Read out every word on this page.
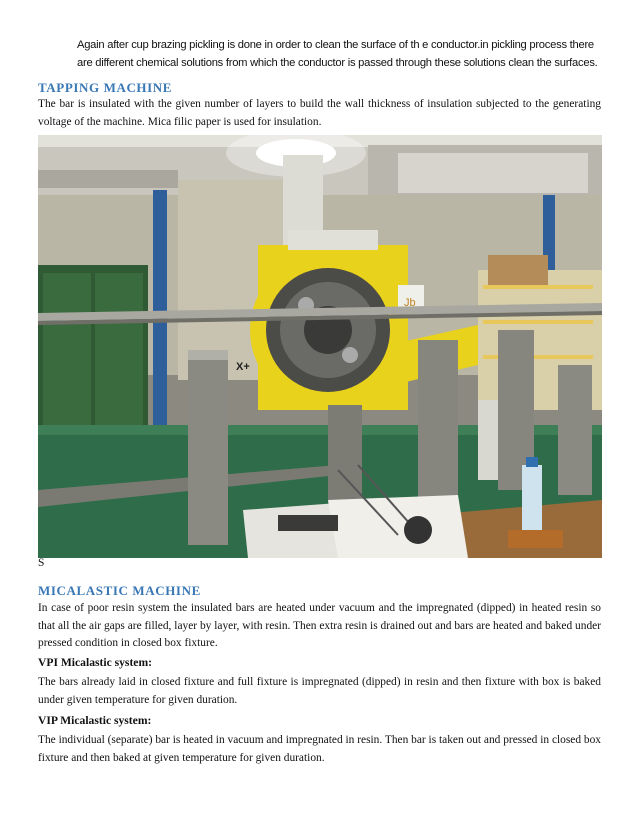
Again after cup brazing pickling is done in order to clean the surface of th e conductor.in pickling process there
are different chemical solutions from which the conductor is passed through these solutions clean the surfaces.
TAPPING MACHINE
The bar is insulated with the given number of layers to build the wall thickness of insulation subjected to the generating voltage of the machine. Mica filic paper is used for insulation.
Jb
X+
S
MICALASTIC MACHINE
In case of poor resin system the insulated bars are heated under vacuum and the impregnated (dipped) in heated resin so that all the air gaps are filled, layer by layer, with resin. Then extra resin is drained out and bars are heated and baked under pressed condition in closed box fixture.
VPI Micalastic system:
The bars already laid in closed fixture and full fixture is impregnated (dipped) in resin and then fixture with box is baked under given temperature for given duration.
VIP Micalastic system:
The individual (separate) bar is heated in vacuum and impregnated in resin. Then bar is taken out and pressed in closed box fixture and then baked at given temperature for given duration.
